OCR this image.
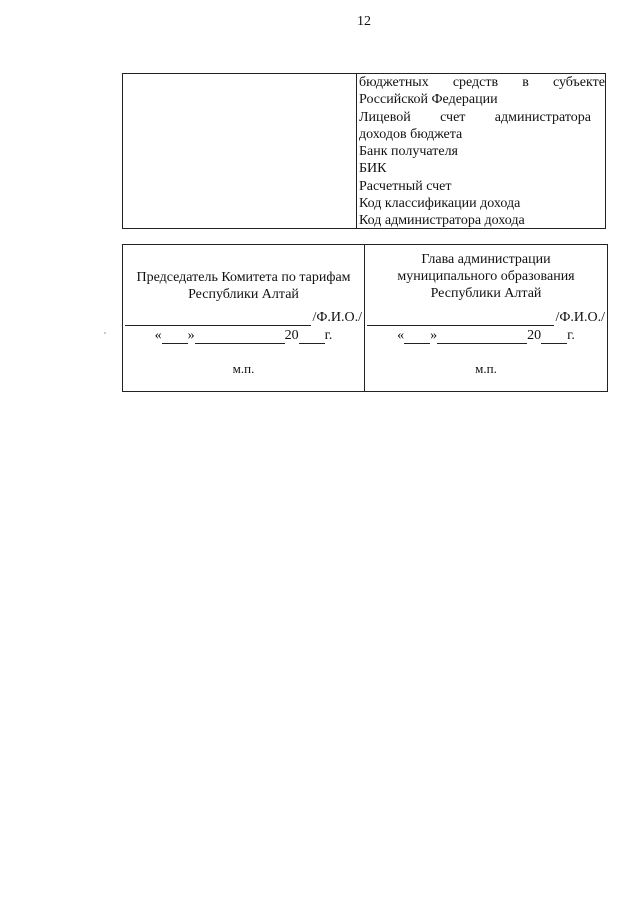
12
бюджетных средств в субъекте
Российской Федерации
Лицевой счет администратора
доходов бюджета
Банк получателя
БИК
Расчетный счет
Код классификации дохода
Код администратора дохода
Председатель Комитета по тарифам
Республики Алтай
/Ф.И.О./
« »	20 г.
м.п.
Глава администрации
муниципального образования
Республики Алтай
/Ф.И.О./
« »	20 г.
м.п.
